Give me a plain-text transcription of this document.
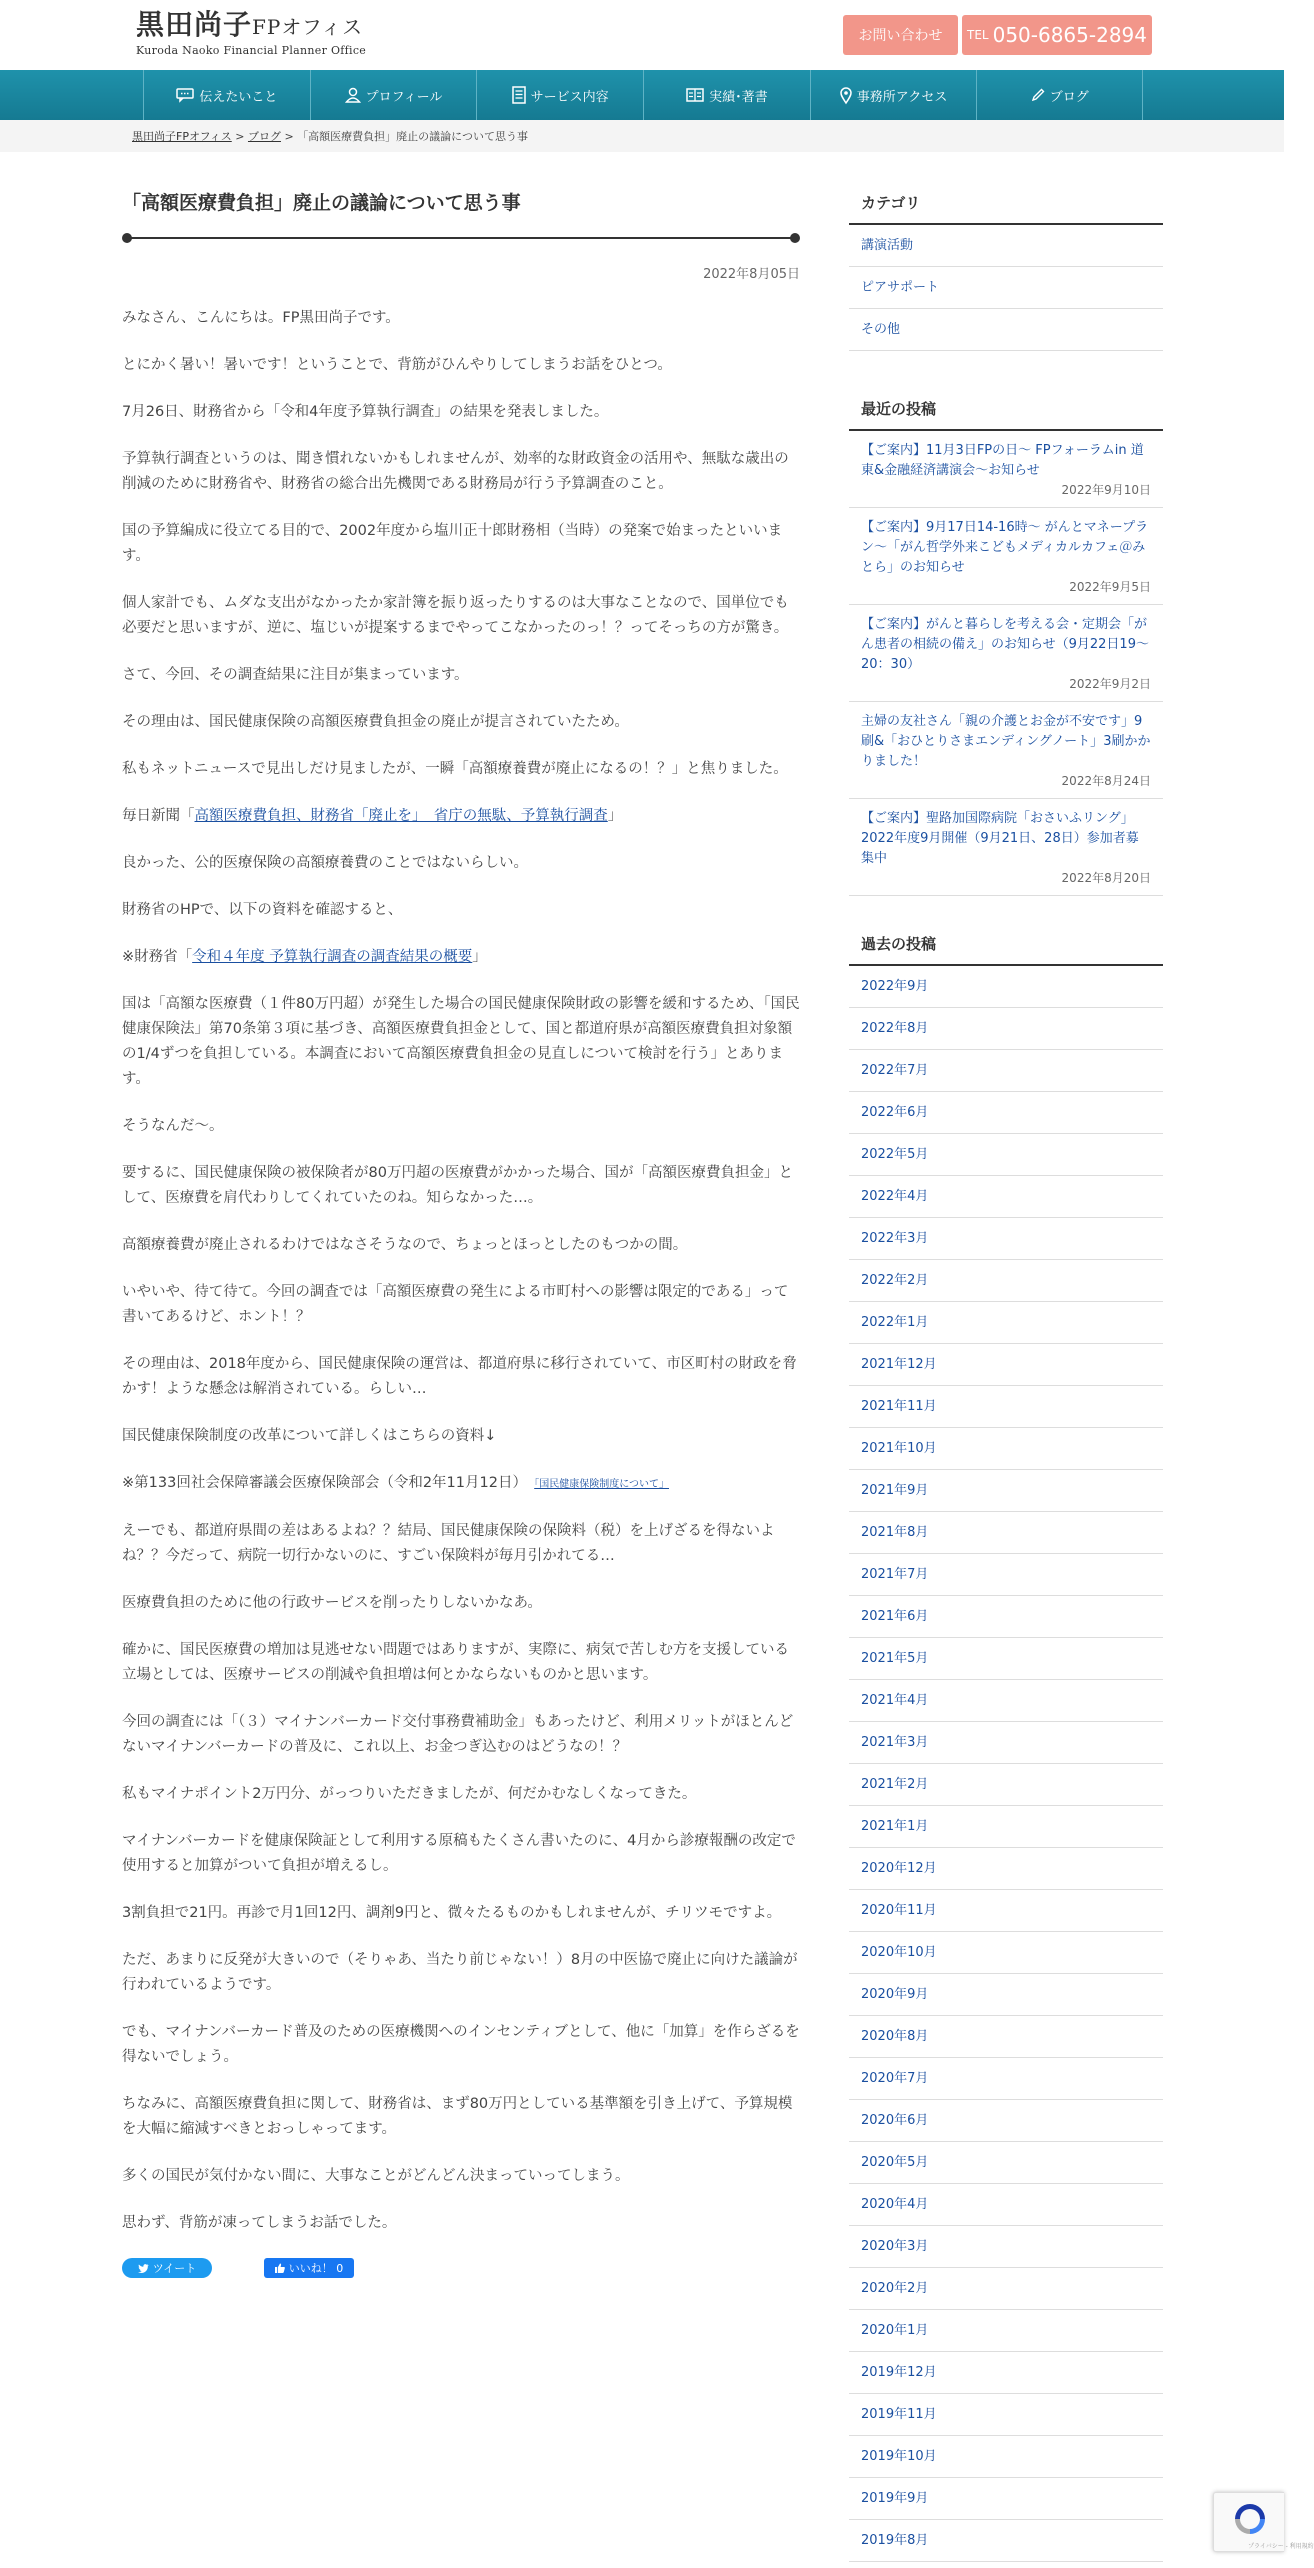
黒田尚子FPオフィス
Kuroda Naoko Financial Planner Office
お問い合わせ	TEL 050-6865-2894
伝えたいこと	プロフィール	サービス内容	実績･著書	事務所アクセス	ブログ
黒田尚子FPオフィス > ブログ > 「高額医療費負担」廃止の議論について思う事
「高額医療費負担」廃止の議論について思う事
2022年8月05日

みなさん、こんにちは。FP黒田尚子です。

とにかく暑い！暑いです！ということで、背筋がひんやりしてしまうお話をひとつ。

7月26日、財務省から「令和4年度予算執行調査」の結果を発表しました。

予算執行調査というのは、聞き慣れないかもしれませんが、効率的な財政資金の活用や、無駄な歳出の削減のために財務省や、財務省の総合出先機関である財務局が行う予算調査のこと。

国の予算編成に役立てる目的で、2002年度から塩川正十郎財務相（当時）の発案で始まったといいます。

個人家計でも、ムダな支出がなかったか家計簿を振り返ったりするのは大事なことなので、国単位でも必要だと思いますが、逆に、塩じいが提案するまでやってこなかったのっ！？ってそっちの方が驚き。

さて、今回、その調査結果に注目が集まっています。

その理由は、国民健康保険の高額医療費負担金の廃止が提言されていたため。

私もネットニュースで見出しだけ見ましたが、一瞬「高額療養費が廃止になるの！？」と焦りました。

毎日新聞「高額医療費負担、財務省「廃止を」　省庁の無駄、予算執行調査」

良かった、公的医療保険の高額療養費のことではないらしい。

財務省のHPで、以下の資料を確認すると、

※財務省「令和４年度 予算執行調査の調査結果の概要」

国は「高額な医療費（１件80万円超）が発生した場合の国民健康保険財政の影響を緩和するため、「国民健康保険法」第70条第３項に基づき、高額医療費負担金として、国と都道府県が高額医療費負担対象額の1/4ずつを負担している。本調査において高額医療費負担金の見直しについて検討を行う」とあります。

そうなんだ～。

要するに、国民健康保険の被保険者が80万円超の医療費がかかった場合、国が「高額医療費負担金」として、医療費を肩代わりしてくれていたのね。知らなかった…。

高額療養費が廃止されるわけではなさそうなので、ちょっとほっとしたのもつかの間。

いやいや、待て待て。今回の調査では「高額医療費の発生による市町村への影響は限定的である」って書いてあるけど、ホント！？

その理由は、2018年度から、国民健康保険の運営は、都道府県に移行されていて、市区町村の財政を脅かす！ような懸念は解消されている。らしい…

国民健康保険制度の改革について詳しくはこちらの資料↓

※第133回社会保障審議会医療保険部会（令和2年11月12日）　 「国民健康保険制度について」

えーでも、都道府県間の差はあるよね？？結局、国民健康保険の保険料（税）を上げざるを得ないよね？？今だって、病院一切行かないのに、すごい保険料が毎月引かれてる…

医療費負担のために他の行政サービスを削ったりしないかなあ。

確かに、国民医療費の増加は見逃せない問題ではありますが、実際に、病気で苦しむ方を支援している立場としては、医療サービスの削減や負担増は何とかならないものかと思います。

今回の調査には「（３）マイナンバーカード交付事務費補助金」もあったけど、利用メリットがほとんどないマイナンバーカードの普及に、これ以上、お金つぎ込むのはどうなの！？

私もマイナポイント2万円分、がっつりいただきましたが、何だかむなしくなってきた。

マイナンバーカードを健康保険証として利用する原稿もたくさん書いたのに、4月から診療報酬の改定で使用すると加算がついて負担が増えるし。

3割負担で21円。再診で月1回12円、調剤9円と、微々たるものかもしれませんが、チリツモですよ。

ただ、あまりに反発が大きいので（そりゃあ、当たり前じゃない！）8月の中医協で廃止に向けた議論が行われているようです。

でも、マイナンバーカード普及のための医療機関へのインセンティブとして、他に「加算」を作らざるを得ないでしょう。

ちなみに、高額医療費負担に関して、財務省は、まず80万円としている基準額を引き上げて、予算規模を大幅に縮減すべきとおっしゃってます。

多くの国民が気付かない間に、大事なことがどんどん決まっていってしまう。

思わず、背筋が凍ってしまうお話でした。

ツイート	いいね！ 0
カテゴリ
講演活動
ピアサポート
その他
最近の投稿
【ご案内】11月3日FPの日～ FPフォーラムin 道東&金融経済講演会～お知らせ
2022年9月10日
【ご案内】9月17日14-16時～ がんとマネープラン～「がん哲学外来こどもメディカルカフェ＠みとら」のお知らせ
2022年9月5日
【ご案内】がんと暮らしを考える会・定期会「がん患者の相続の備え」のお知らせ（9月22日19～20：30）
2022年9月2日
主婦の友社さん「親の介護とお金が不安です」9刷&「おひとりさまエンディングノート」3刷かかりました！
2022年8月24日
【ご案内】聖路加国際病院「おさいふリング」2022年度9月開催（9月21日、28日）参加者募集中
2022年8月20日
過去の投稿
2022年9月
2022年8月
2022年7月
2022年6月
2022年5月
2022年4月
2022年3月
2022年2月
2022年1月
2021年12月
2021年11月
2021年10月
2021年9月
2021年8月
2021年7月
2021年6月
2021年5月
2021年4月
2021年3月
2021年2月
2021年1月
2020年12月
2020年11月
2020年10月
2020年9月
2020年8月
2020年7月
2020年6月
2020年5月
2020年4月
2020年3月
2020年2月
2020年1月
2019年12月
2019年11月
2019年10月
2019年9月
2019年8月	プライバシー - 利用規約
